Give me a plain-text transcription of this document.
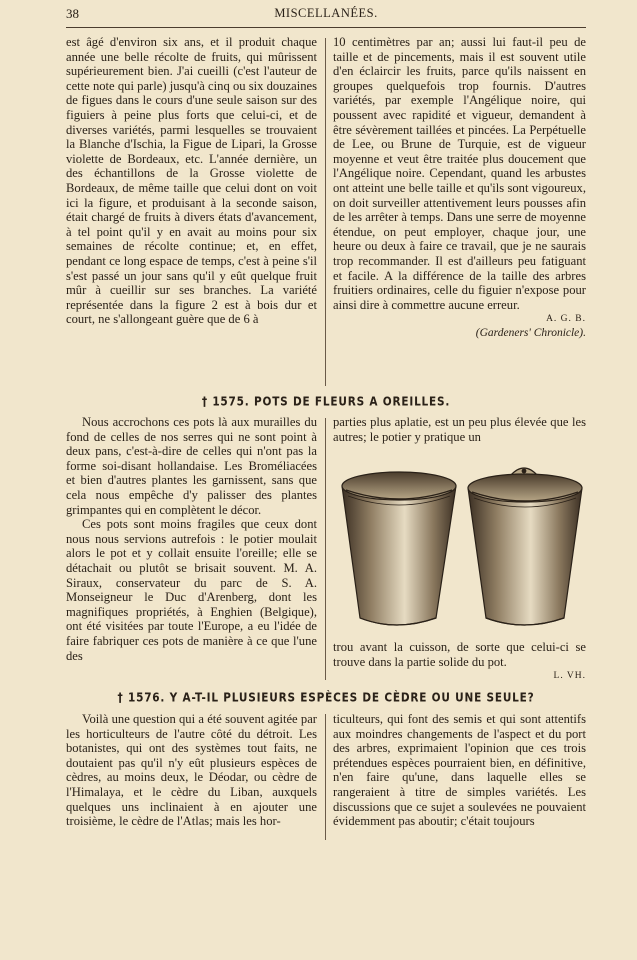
38	MISCELLANÉES.

est âgé d'environ six ans, et il produit chaque année une belle récolte de fruits, qui mûrissent supérieurement bien. J'ai cueilli (c'est l'auteur de cette note qui parle) jusqu'à cinq ou six douzaines de figues dans le cours d'une seule saison sur des figuiers à peine plus forts que celui-ci, et de diverses variétés, parmi lesquelles se trouvaient la Blanche d'Ischia, la Figue de Lipari, la Grosse violette de Bordeaux, etc. L'année dernière, un des échantillons de la Grosse violette de Bordeaux, de même taille que celui dont on voit ici la figure, et produisant à la seconde saison, était chargé de fruits à divers états d'avancement, à tel point qu'il y en avait au moins pour six semaines de récolte continue; et, en effet, pendant ce long espace de temps, c'est à peine s'il s'est passé un jour sans qu'il y eût quelque fruit mûr à cueillir sur ses branches. La variété représentée dans la figure 2 est à bois dur et court, ne s'allongeant guère que de 6 à

10 centimètres par an; aussi lui faut-il peu de taille et de pincements, mais il est souvent utile d'en éclaircir les fruits, parce qu'ils naissent en groupes quelquefois trop fournis. D'autres variétés, par exemple l'Angélique noire, qui poussent avec rapidité et vigueur, demandent à être sévèrement taillées et pincées. La Perpétuelle de Lee, ou Brune de Turquie, est de vigueur moyenne et veut être traitée plus doucement que l'Angélique noire. Cependant, quand les arbustes ont atteint une belle taille et qu'ils sont vigoureux, on doit surveiller attentivement leurs pousses afin de les arrêter à temps. Dans une serre de moyenne étendue, on peut employer, chaque jour, une heure ou deux à faire ce travail, que je ne saurais trop recommander. Il est d'ailleurs peu fatiguant et facile. A la différence de la taille des arbres fruitiers ordinaires, celle du figuier n'expose pour ainsi dire à commettre aucune erreur.

A. G. B.
(Gardeners' Chronicle).
† 1575. POTS DE FLEURS A OREILLES.

Nous accrochons ces pots là aux murailles du fond de celles de nos serres qui ne sont point à deux pans, c'est-à-dire de celles qui n'ont pas la forme soi-disant hollandaise. Les Broméliacées et bien d'autres plantes les garnissent, sans que cela nous empêche d'y palisser des plantes grimpantes qui en complètent le décor.

Ces pots sont moins fragiles que ceux dont nous nous servions autrefois : le potier moulait alors le pot et y collait ensuite l'oreille; elle se détachait ou plutôt se brisait souvent. M. A. Siraux, conservateur du parc de S. A. Monseigneur le Duc d'Arenberg, dont les magnifiques propriétés, à Enghien (Belgique), ont été visitées par toute l'Europe, a eu l'idée de faire fabriquer ces pots de manière à ce que l'une des

parties plus aplatie, est un peu plus élevée que les autres; le potier y pratique un

trou avant la cuisson, de sorte que celui-ci se trouve dans la partie solide du pot.

L. VH.
† 1576. Y A-T-IL PLUSIEURS ESPÈCES DE CÈDRE OU UNE SEULE?

Voilà une question qui a été souvent agitée par les horticulteurs de l'autre côté du détroit. Les botanistes, qui ont des systèmes tout faits, ne doutaient pas qu'il n'y eût plusieurs espèces de cèdres, au moins deux, le Déodar, ou cèdre de l'Himalaya, et le cèdre du Liban, auxquels quelques uns inclinaient à en ajouter une troisième, le cèdre de l'Atlas; mais les hor-

ticulteurs, qui font des semis et qui sont attentifs aux moindres changements de l'aspect et du port des arbres, exprimaient l'opinion que ces trois prétendues espèces pourraient bien, en définitive, n'en faire qu'une, dans laquelle elles se rangeraient à titre de simples variétés. Les discussions que ce sujet a soulevées ne pouvaient évidemment pas aboutir; c'était toujours
